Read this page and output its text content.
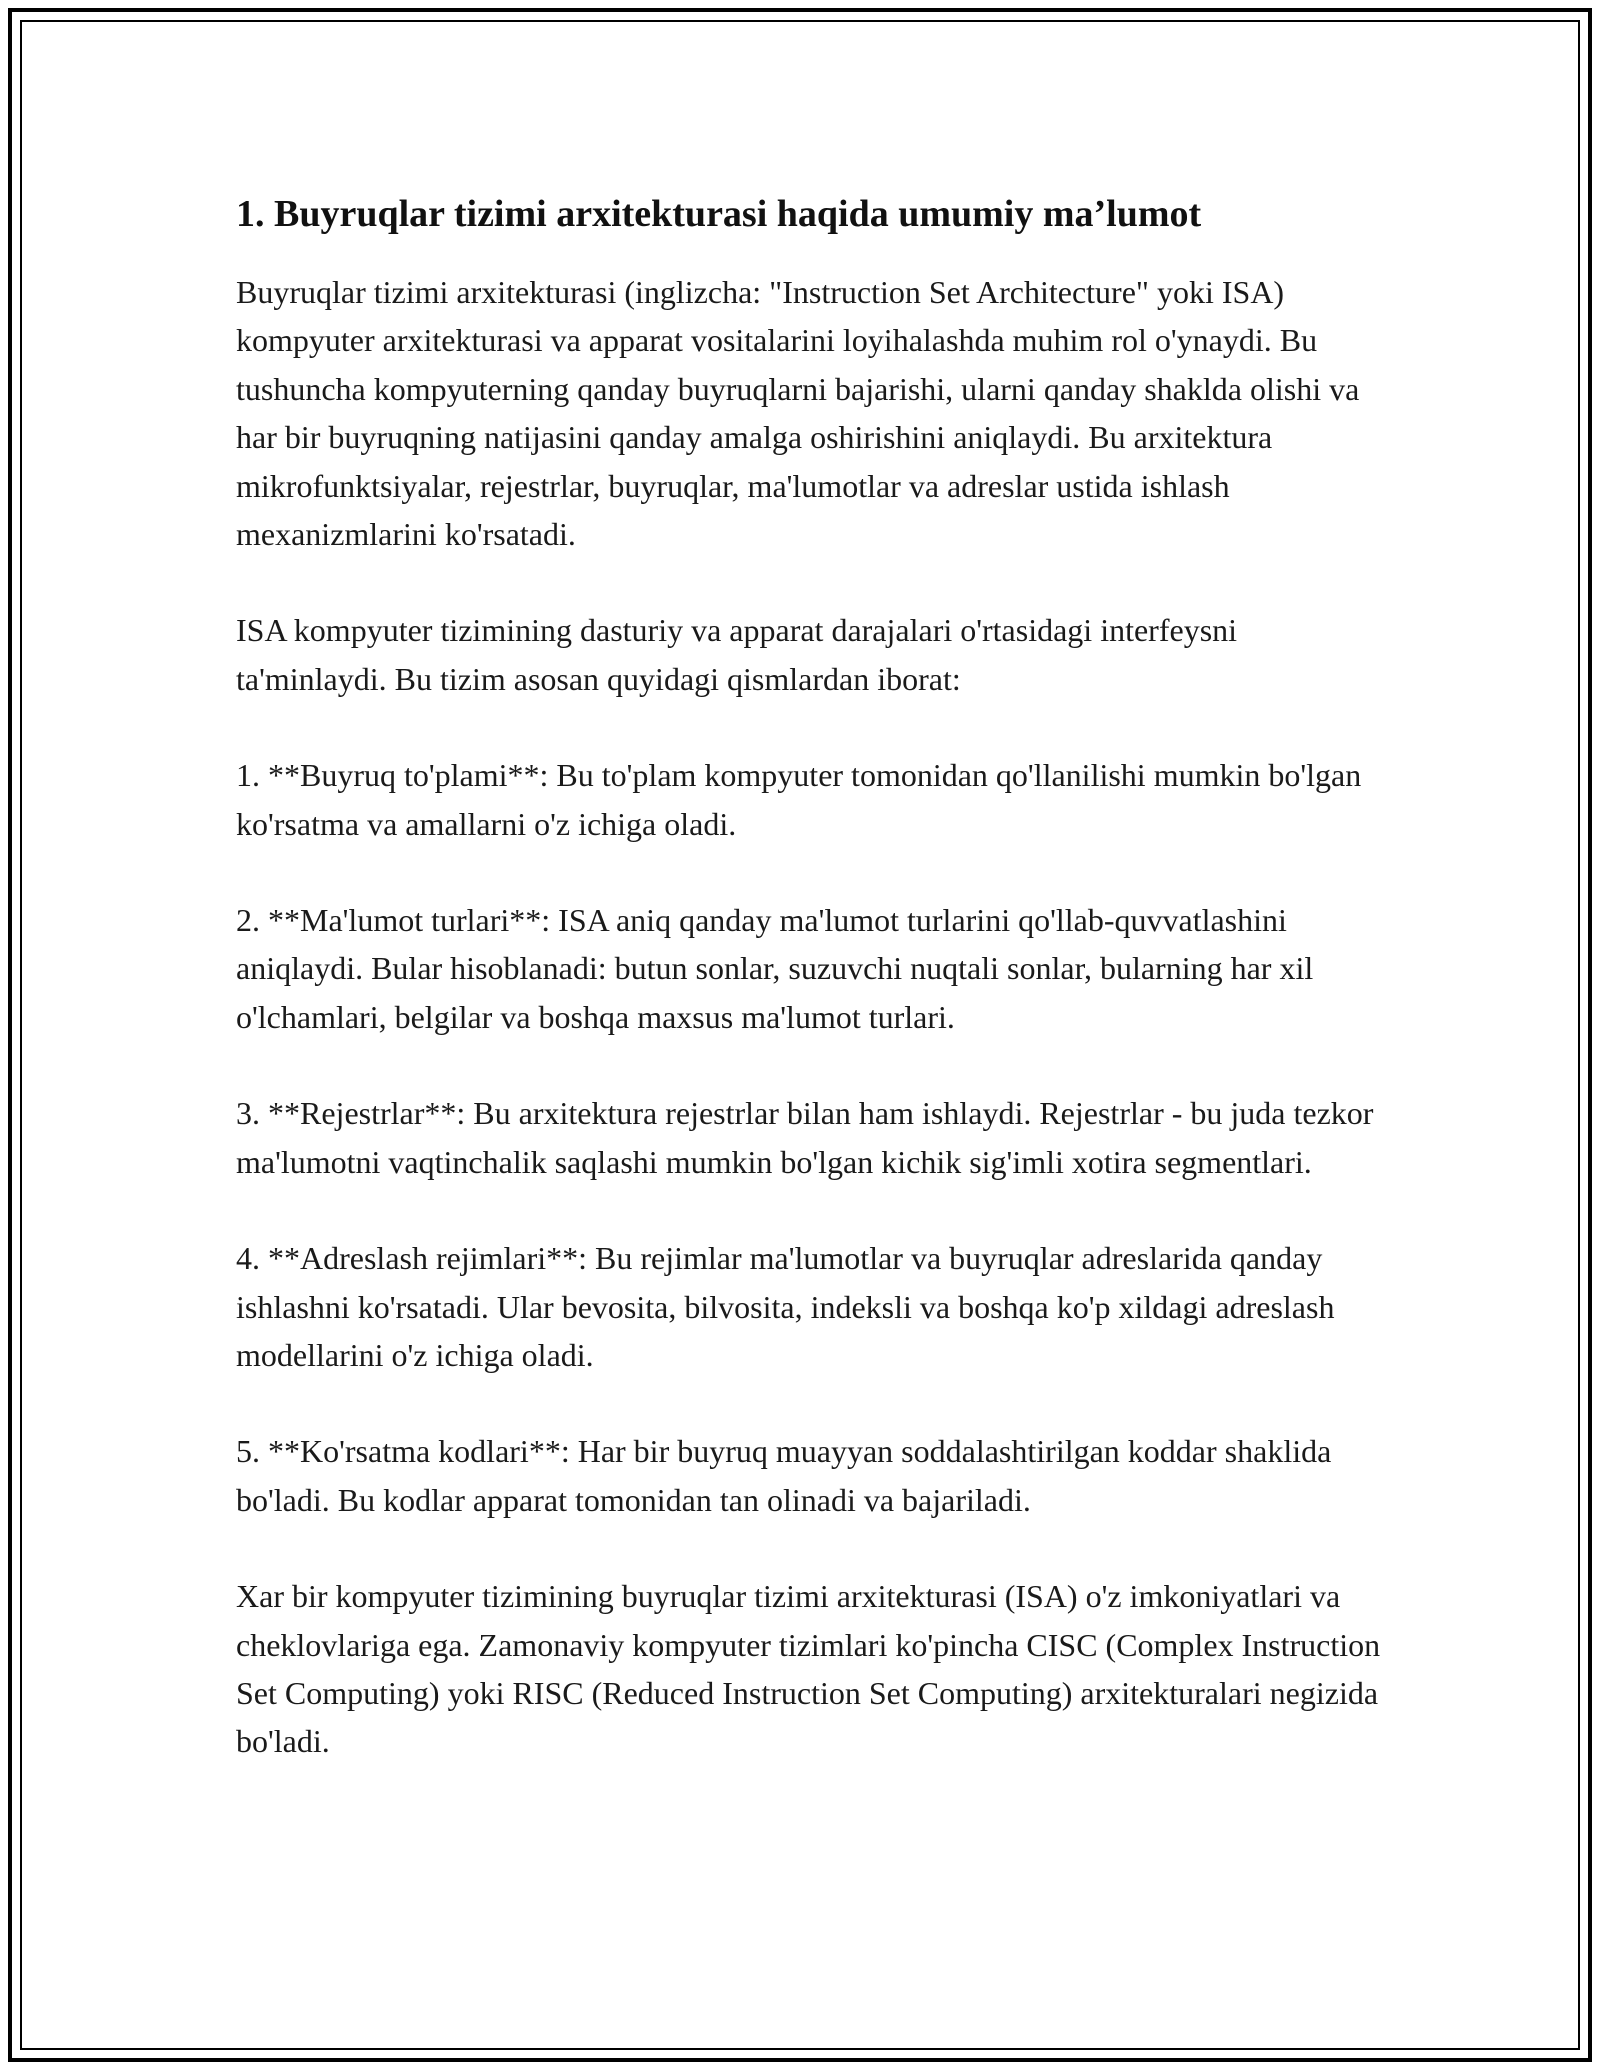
1. Buyruqlar tizimi arxitekturasi haqida umumiy ma’lumot

Buyruqlar tizimi arxitekturasi (inglizcha: "Instruction Set Architecture" yoki ISA) kompyuter arxitekturasi va apparat vositalarini loyihalashda muhim rol o'ynaydi. Bu tushuncha kompyuterning qanday buyruqlarni bajarishi, ularni qanday shaklda olishi va har bir buyruqning natijasini qanday amalga oshirishini aniqlaydi. Bu arxitektura mikrofunktsiyalar, rejestrlar, buyruqlar, ma'lumotlar va adreslar ustida ishlash mexanizmlarini ko'rsatadi.

ISA kompyuter tizimining dasturiy va apparat darajalari o'rtasidagi interfeysni ta'minlaydi. Bu tizim asosan quyidagi qismlardan iborat:

1. **Buyruq to'plami**: Bu to'plam kompyuter tomonidan qo'llanilishi mumkin bo'lgan ko'rsatma va amallarni o'z ichiga oladi.

2. **Ma'lumot turlari**: ISA aniq qanday ma'lumot turlarini qo'llab-quvvatlashini aniqlaydi. Bular hisoblanadi: butun sonlar, suzuvchi nuqtali sonlar, bularning har xil o'lchamlari, belgilar va boshqa maxsus ma'lumot turlari.

3. **Rejestrlar**: Bu arxitektura rejestrlar bilan ham ishlaydi. Rejestrlar - bu juda tezkor ma'lumotni vaqtinchalik saqlashi mumkin bo'lgan kichik sig'imli xotira segmentlari.

4. **Adreslash rejimlari**: Bu rejimlar ma'lumotlar va buyruqlar adreslarida qanday ishlashni ko'rsatadi. Ular bevosita, bilvosita, indeksli va boshqa ko'p xildagi adreslash modellarini o'z ichiga oladi.

5. **Ko'rsatma kodlari**: Har bir buyruq muayyan soddalashtirilgan koddar shaklida bo'ladi. Bu kodlar apparat tomonidan tan olinadi va bajariladi.

Xar bir kompyuter tizimining buyruqlar tizimi arxitekturasi (ISA) o'z imkoniyatlari va cheklovlariga ega. Zamonaviy kompyuter tizimlari ko'pincha CISC (Complex Instruction Set Computing) yoki RISC (Reduced Instruction Set Computing) arxitekturalari negizida bo'ladi.
